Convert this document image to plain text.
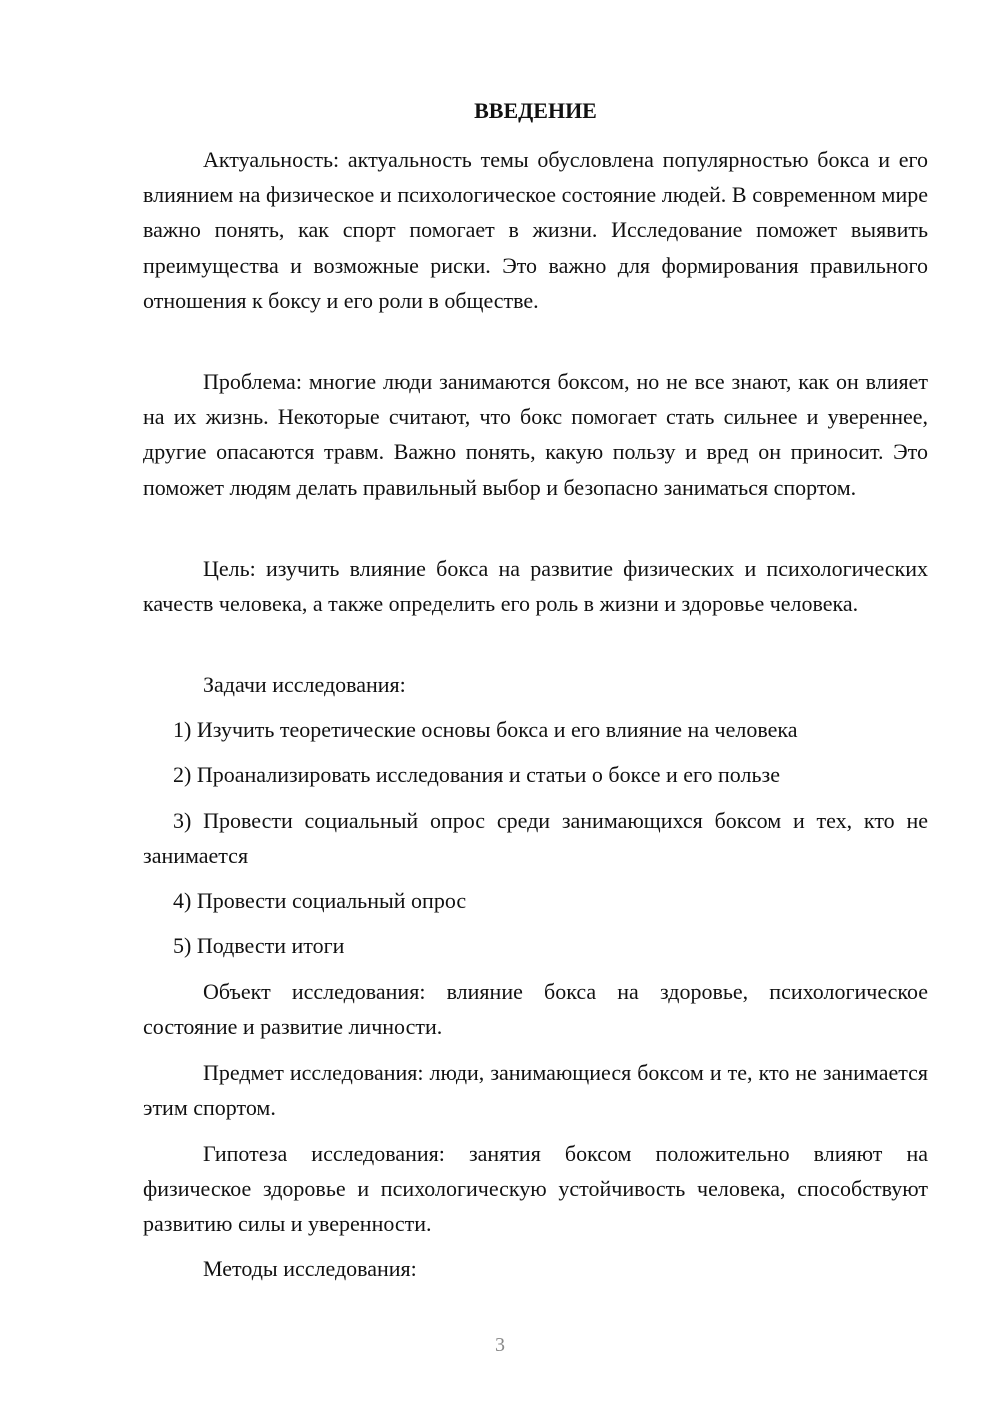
ВВЕДЕНИЕ

Актуальность: актуальность темы обусловлена популярностью бокса и его влиянием на физическое и психологическое состояние людей. В современном мире важно понять, как спорт помогает в жизни. Исследование поможет выявить преимущества и возможные риски. Это важно для формирования правильного отношения к боксу и его роли в обществе.

Проблема: многие люди занимаются боксом, но не все знают, как он влияет на их жизнь. Некоторые считают, что бокс помогает стать сильнее и увереннее, другие опасаются травм. Важно понять, какую пользу и вред он приносит. Это поможет людям делать правильный выбор и безопасно заниматься спортом.

Цель: изучить влияние бокса на развитие физических и психологических качеств человека, а также определить его роль в жизни и здоровье человека.

Задачи исследования:

1) Изучить теоретические основы бокса и его влияние на человека

2) Проанализировать исследования и статьи о боксе и его пользе

3) Провести социальный опрос среди занимающихся боксом и тех, кто не занимается

4) Провести социальный опрос

5) Подвести итоги

Объект исследования: влияние бокса на здоровье, психологическое состояние и развитие личности.

Предмет исследования: люди, занимающиеся боксом и те, кто не занимается этим спортом.

Гипотеза исследования: занятия боксом положительно влияют на физическое здоровье и психологическую устойчивость человека, способствуют развитию силы и уверенности.

Методы исследования:

3
